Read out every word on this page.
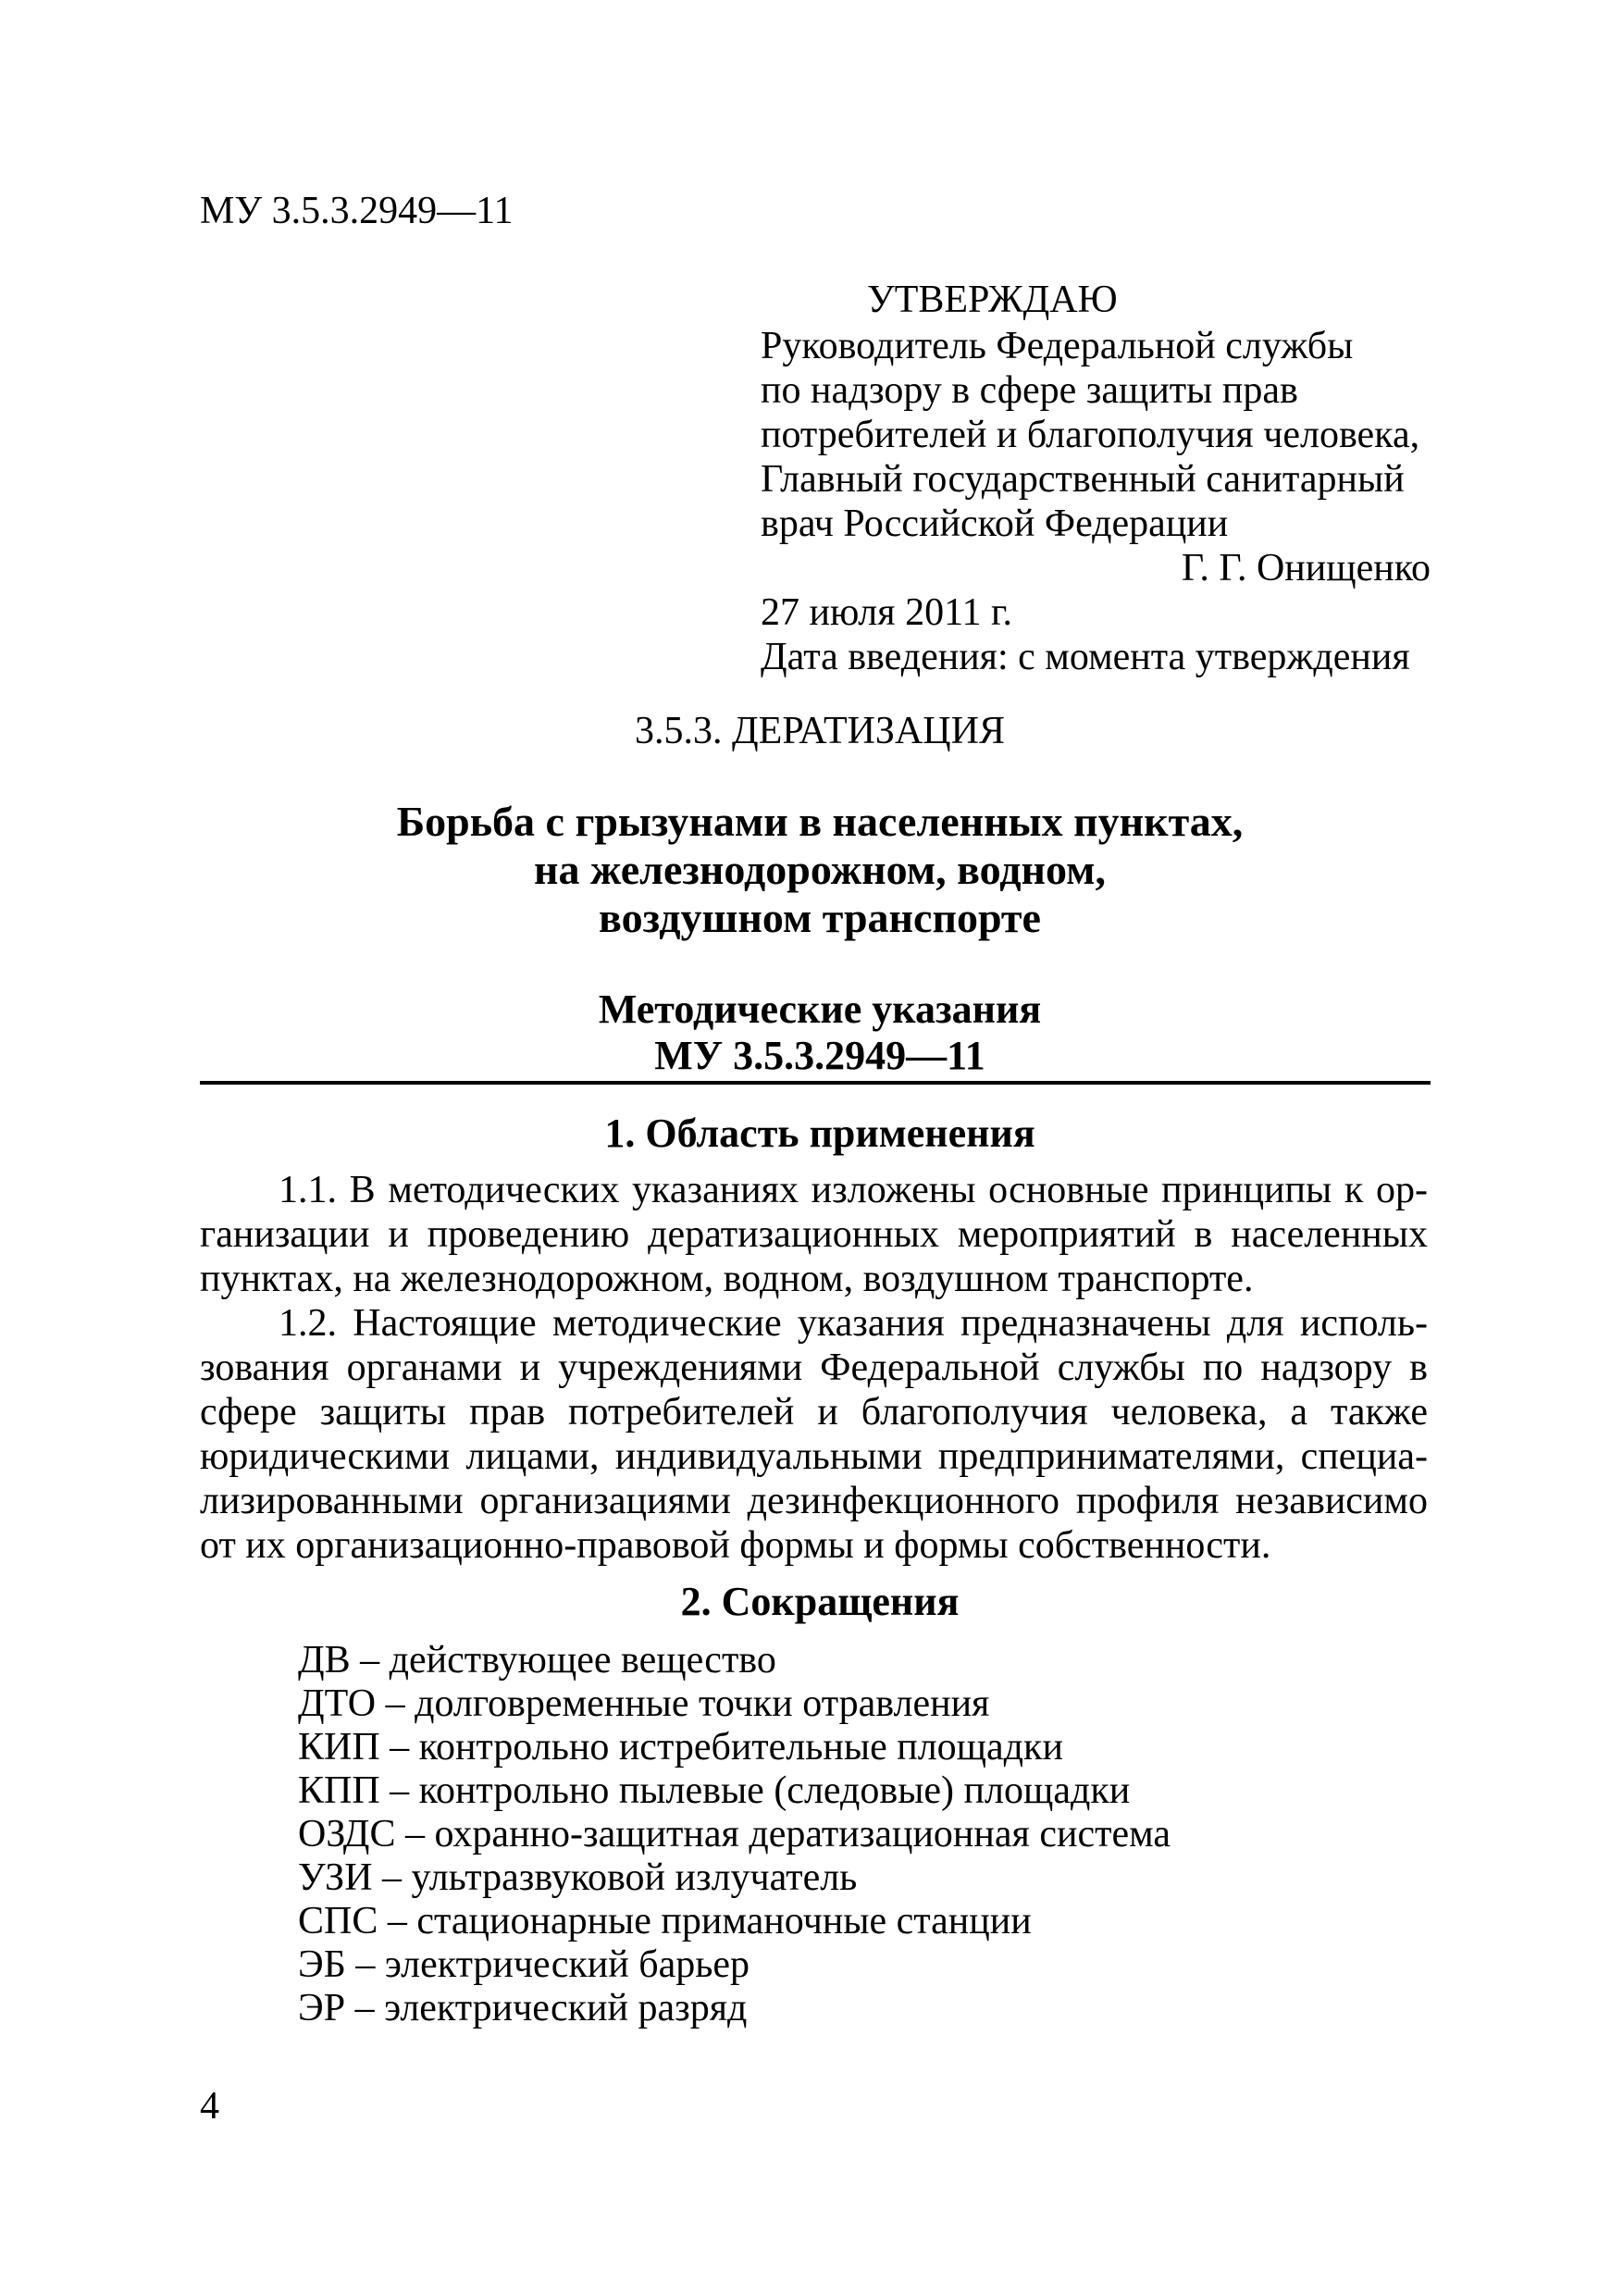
МУ 3.5.3.2949—11
УТВЕРЖДАЮ
Руководитель Федеральной службы
по надзору в сфере защиты прав
потребителей и благополучия человека,
Главный государственный санитарный
врач Российской Федерации
Г. Г. Онищенко
27 июля 2011 г.
Дата введения: с момента утверждения
3.5.3. ДЕРАТИЗАЦИЯ
Борьба с грызунами в населенных пунктах,
на железнодорожном, водном,
воздушном транспорте
Методические указания
МУ 3.5.3.2949—11
1. Область применения
1.1. В методических указаниях изложены основные принципы к ор-
ганизации и проведению дератизационных мероприятий в населенных
пунктах, на железнодорожном, водном, воздушном транспорте.
1.2. Настоящие методические указания предназначены для исполь-
зования органами и учреждениями Федеральной службы по надзору в
сфере защиты прав потребителей и благополучия человека, а также
юридическими лицами, индивидуальными предпринимателями, специа-
лизированными организациями дезинфекционного профиля независимо
от их организационно-правовой формы и формы собственности.
2. Сокращения
ДВ – действующее вещество
ДТО – долговременные точки отравления
КИП – контрольно истребительные площадки
КПП – контрольно пылевые (следовые) площадки
ОЗДС – охранно-защитная дератизационная система
УЗИ – ультразвуковой излучатель
СПС – стационарные приманочные станции
ЭБ – электрический барьер
ЭР – электрический разряд
4
